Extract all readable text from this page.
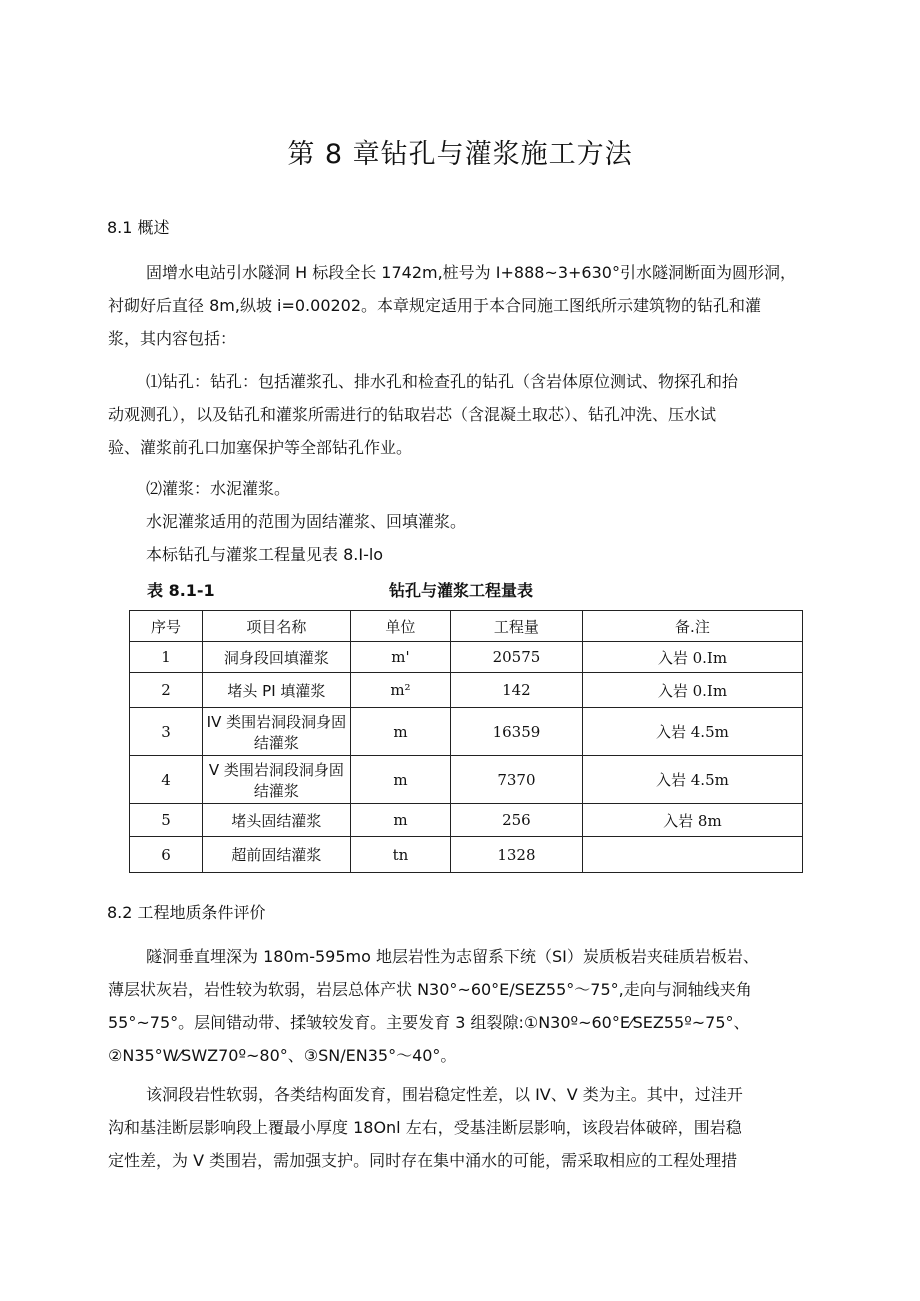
第 8 章钻孔与灌浆施工方法
8.1 概述
固增水电站引水隧洞 H 标段全长 1742m,桩号为 I+888~3+630°引水隧洞断面为圆形洞，
衬砌好后直径 8m,纵坡 i=0.00202。本章规定适用于本合同施工图纸所示建筑物的钻孔和灌
浆，其内容包括：
⑴钻孔：钻孔：包括灌浆孔、排水孔和检查孔的钻孔（含岩体原位测试、物探孔和抬
动观测孔），以及钻孔和灌浆所需进行的钻取岩芯（含混凝土取芯）、钻孔冲洗、压水试
验、灌浆前孔口加塞保护等全部钻孔作业。
⑵灌浆：水泥灌浆。
水泥灌浆适用的范围为固结灌浆、回填灌浆。
本标钻孔与灌浆工程量见表 8.I-lo
表 8.1-1	钻孔与灌浆工程量表
序号	项目名称	单位	工程量	备.注
1	洞身段回填灌浆	m'	20575	入岩 0.Im
2	堵头 PI 填灌浆	m²	142	入岩 0.Im
3	IV 类围岩洞段洞身固结灌浆	m	16359	入岩 4.5m
4	V 类围岩洞段洞身固结灌浆	m	7370	入岩 4.5m
5	堵头固结灌浆	m	256	入岩 8m
6	超前固结灌浆	tn	1328	
8.2 工程地质条件评价
隧洞垂直埋深为 180m-595mo 地层岩性为志留系下统（SI）炭质板岩夹硅质岩板岩、
薄层状灰岩，岩性较为软弱，岩层总体产状 N30°~60°E/SEZ55°～75°,走向与洞轴线夹角
55°~75°。层间错动带、揉皱较发育。主要发育 3 组裂隙:①N30º~60°E⁄SEZ55º~75°、
②N35°W⁄SWZ70º~80°、③SN/EN35°～40°。
该洞段岩性软弱，各类结构面发育，围岩稳定性差，以 IV、V 类为主。其中，过洼开
沟和基洼断层影响段上覆最小厚度 18Onl 左右，受基洼断层影响，该段岩体破碎，围岩稳
定性差，为 V 类围岩，需加强支护。同时存在集中涌水的可能，需采取相应的工程处理措
